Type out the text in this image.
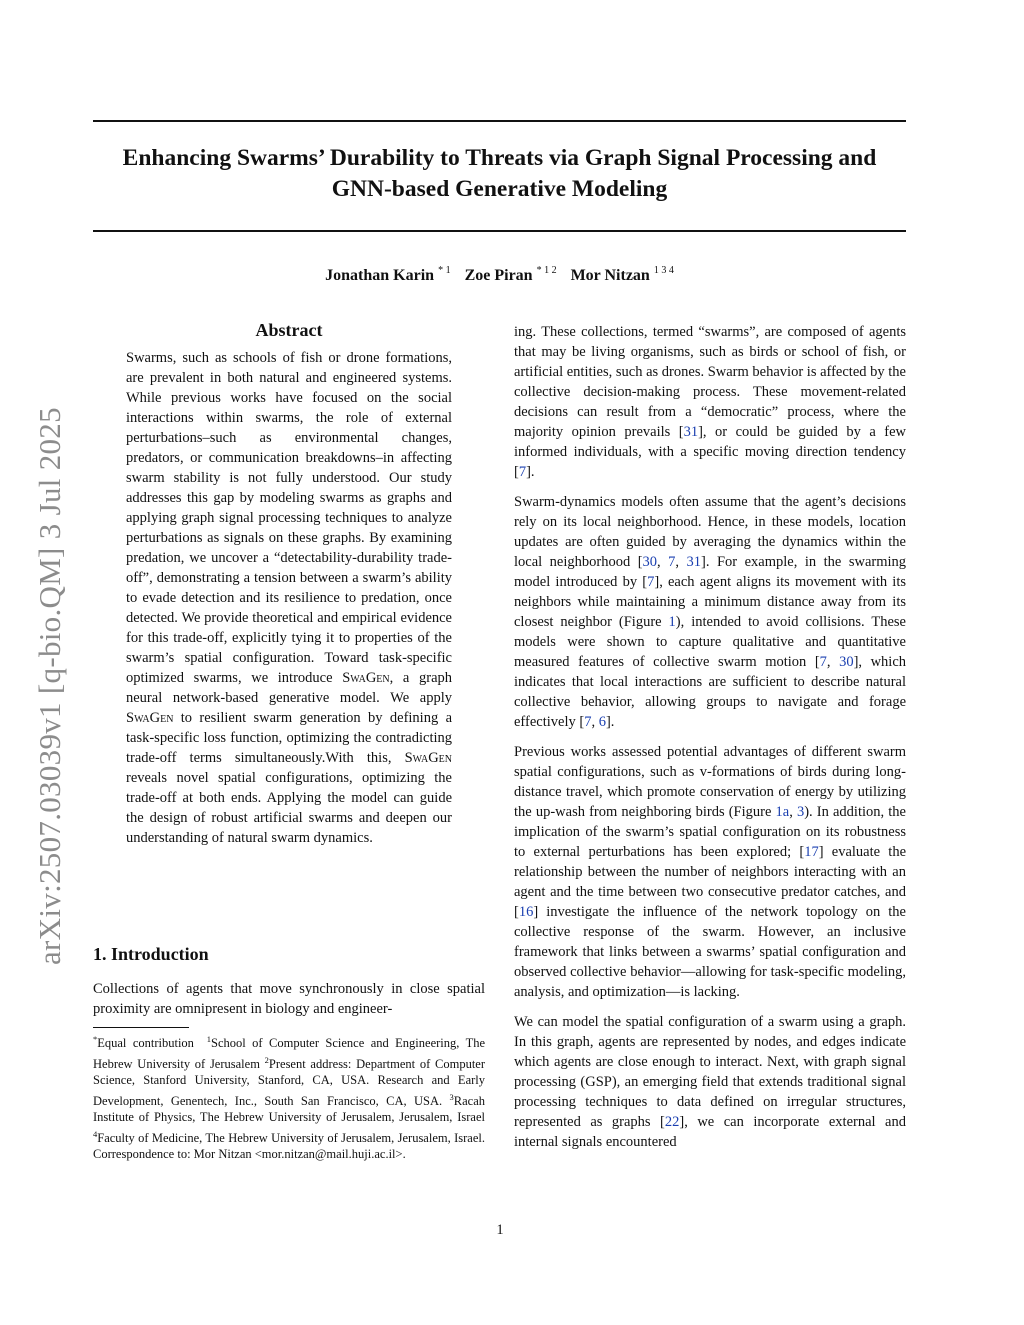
Enhancing Swarms’ Durability to Threats via Graph Signal Processing and
GNN-based Generative Modeling
Jonathan Karin $^{* 1}$ Zoe Piran $^{* 1 2}$ Mor Nitzan $^{1 3 4}$
arXiv:2507.03039v1 [q-bio.QM] 3 Jul 2025
Abstract
Swarms, such as schools of fish or drone formations, are prevalent in both natural and engineered systems. While previous works have focused on the social interactions within swarms, the role of external perturbations–such as environmental changes, predators, or communication breakdowns–in affecting swarm stability is not fully understood. Our study addresses this gap by modeling swarms as graphs and applying graph signal processing techniques to analyze perturbations as signals on these graphs. By examining predation, we uncover a “detectability-durability trade-off”, demonstrating a tension between a swarm’s ability to evade detection and its resilience to predation, once detected. We provide theoretical and empirical evidence for this trade-off, explicitly tying it to properties of the swarm’s spatial configuration. Toward task-specific optimized swarms, we introduce SwaGen, a graph neural network-based generative model. We apply SwaGen to resilient swarm generation by defining a task-specific loss function, optimizing the contradicting trade-off terms simultaneously.With this, SwaGen reveals novel spatial configurations, optimizing the trade-off at both ends. Applying the model can guide the design of robust artificial swarms and deepen our understanding of natural swarm dynamics.
1. Introduction
Collections of agents that move synchronously in close spatial proximity are omnipresent in biology and engineer-
*Equal contribution $^1$School of Computer Science and Engineering, The Hebrew University of Jerusalem $^2$Present address: Department of Computer Science, Stanford University, Stanford, CA, USA. Research and Early Development, Genentech, Inc., South San Francisco, CA, USA. $^3$Racah Institute of Physics, The Hebrew University of Jerusalem, Jerusalem, Israel $^4$Faculty of Medicine, The Hebrew University of Jerusalem, Jerusalem, Israel. Correspondence to: Mor Nitzan <mor.nitzan@mail.huji.ac.il>.

ing. These collections, termed “swarms”, are composed of agents that may be living organisms, such as birds or school of fish, or artificial entities, such as drones. Swarm behavior is affected by the collective decision-making process. These movement-related decisions can result from a “democratic” process, where the majority opinion prevails [31], or could be guided by a few informed individuals, with a specific moving direction tendency [7].

Swarm-dynamics models often assume that the agent’s decisions rely on its local neighborhood. Hence, in these models, location updates are often guided by averaging the dynamics within the local neighborhood [30, 7, 31]. For example, in the swarming model introduced by [7], each agent aligns its movement with its neighbors while maintaining a minimum distance away from its closest neighbor (Figure 1), intended to avoid collisions. These models were shown to capture qualitative and quantitative measured features of collective swarm motion [7, 30], which indicates that local interactions are sufficient to describe natural collective behavior, allowing groups to navigate and forage effectively [7, 6].

Previous works assessed potential advantages of different swarm spatial configurations, such as v-formations of birds during long-distance travel, which promote conservation of energy by utilizing the up-wash from neighboring birds (Figure 1a, 3). In addition, the implication of the swarm’s spatial configuration on its robustness to external perturbations has been explored; [17] evaluate the relationship between the number of neighbors interacting with an agent and the time between two consecutive predator catches, and [16] investigate the influence of the network topology on the collective response of the swarm. However, an inclusive framework that links between a swarms’ spatial configuration and observed collective behavior—allowing for task-specific modeling, analysis, and optimization—is lacking.

We can model the spatial configuration of a swarm using a graph. In this graph, agents are represented by nodes, and edges indicate which agents are close enough to interact. Next, with graph signal processing (GSP), an emerging field that extends traditional signal processing techniques to data defined on irregular structures, represented as graphs [22], we can incorporate external and internal signals encountered

1
